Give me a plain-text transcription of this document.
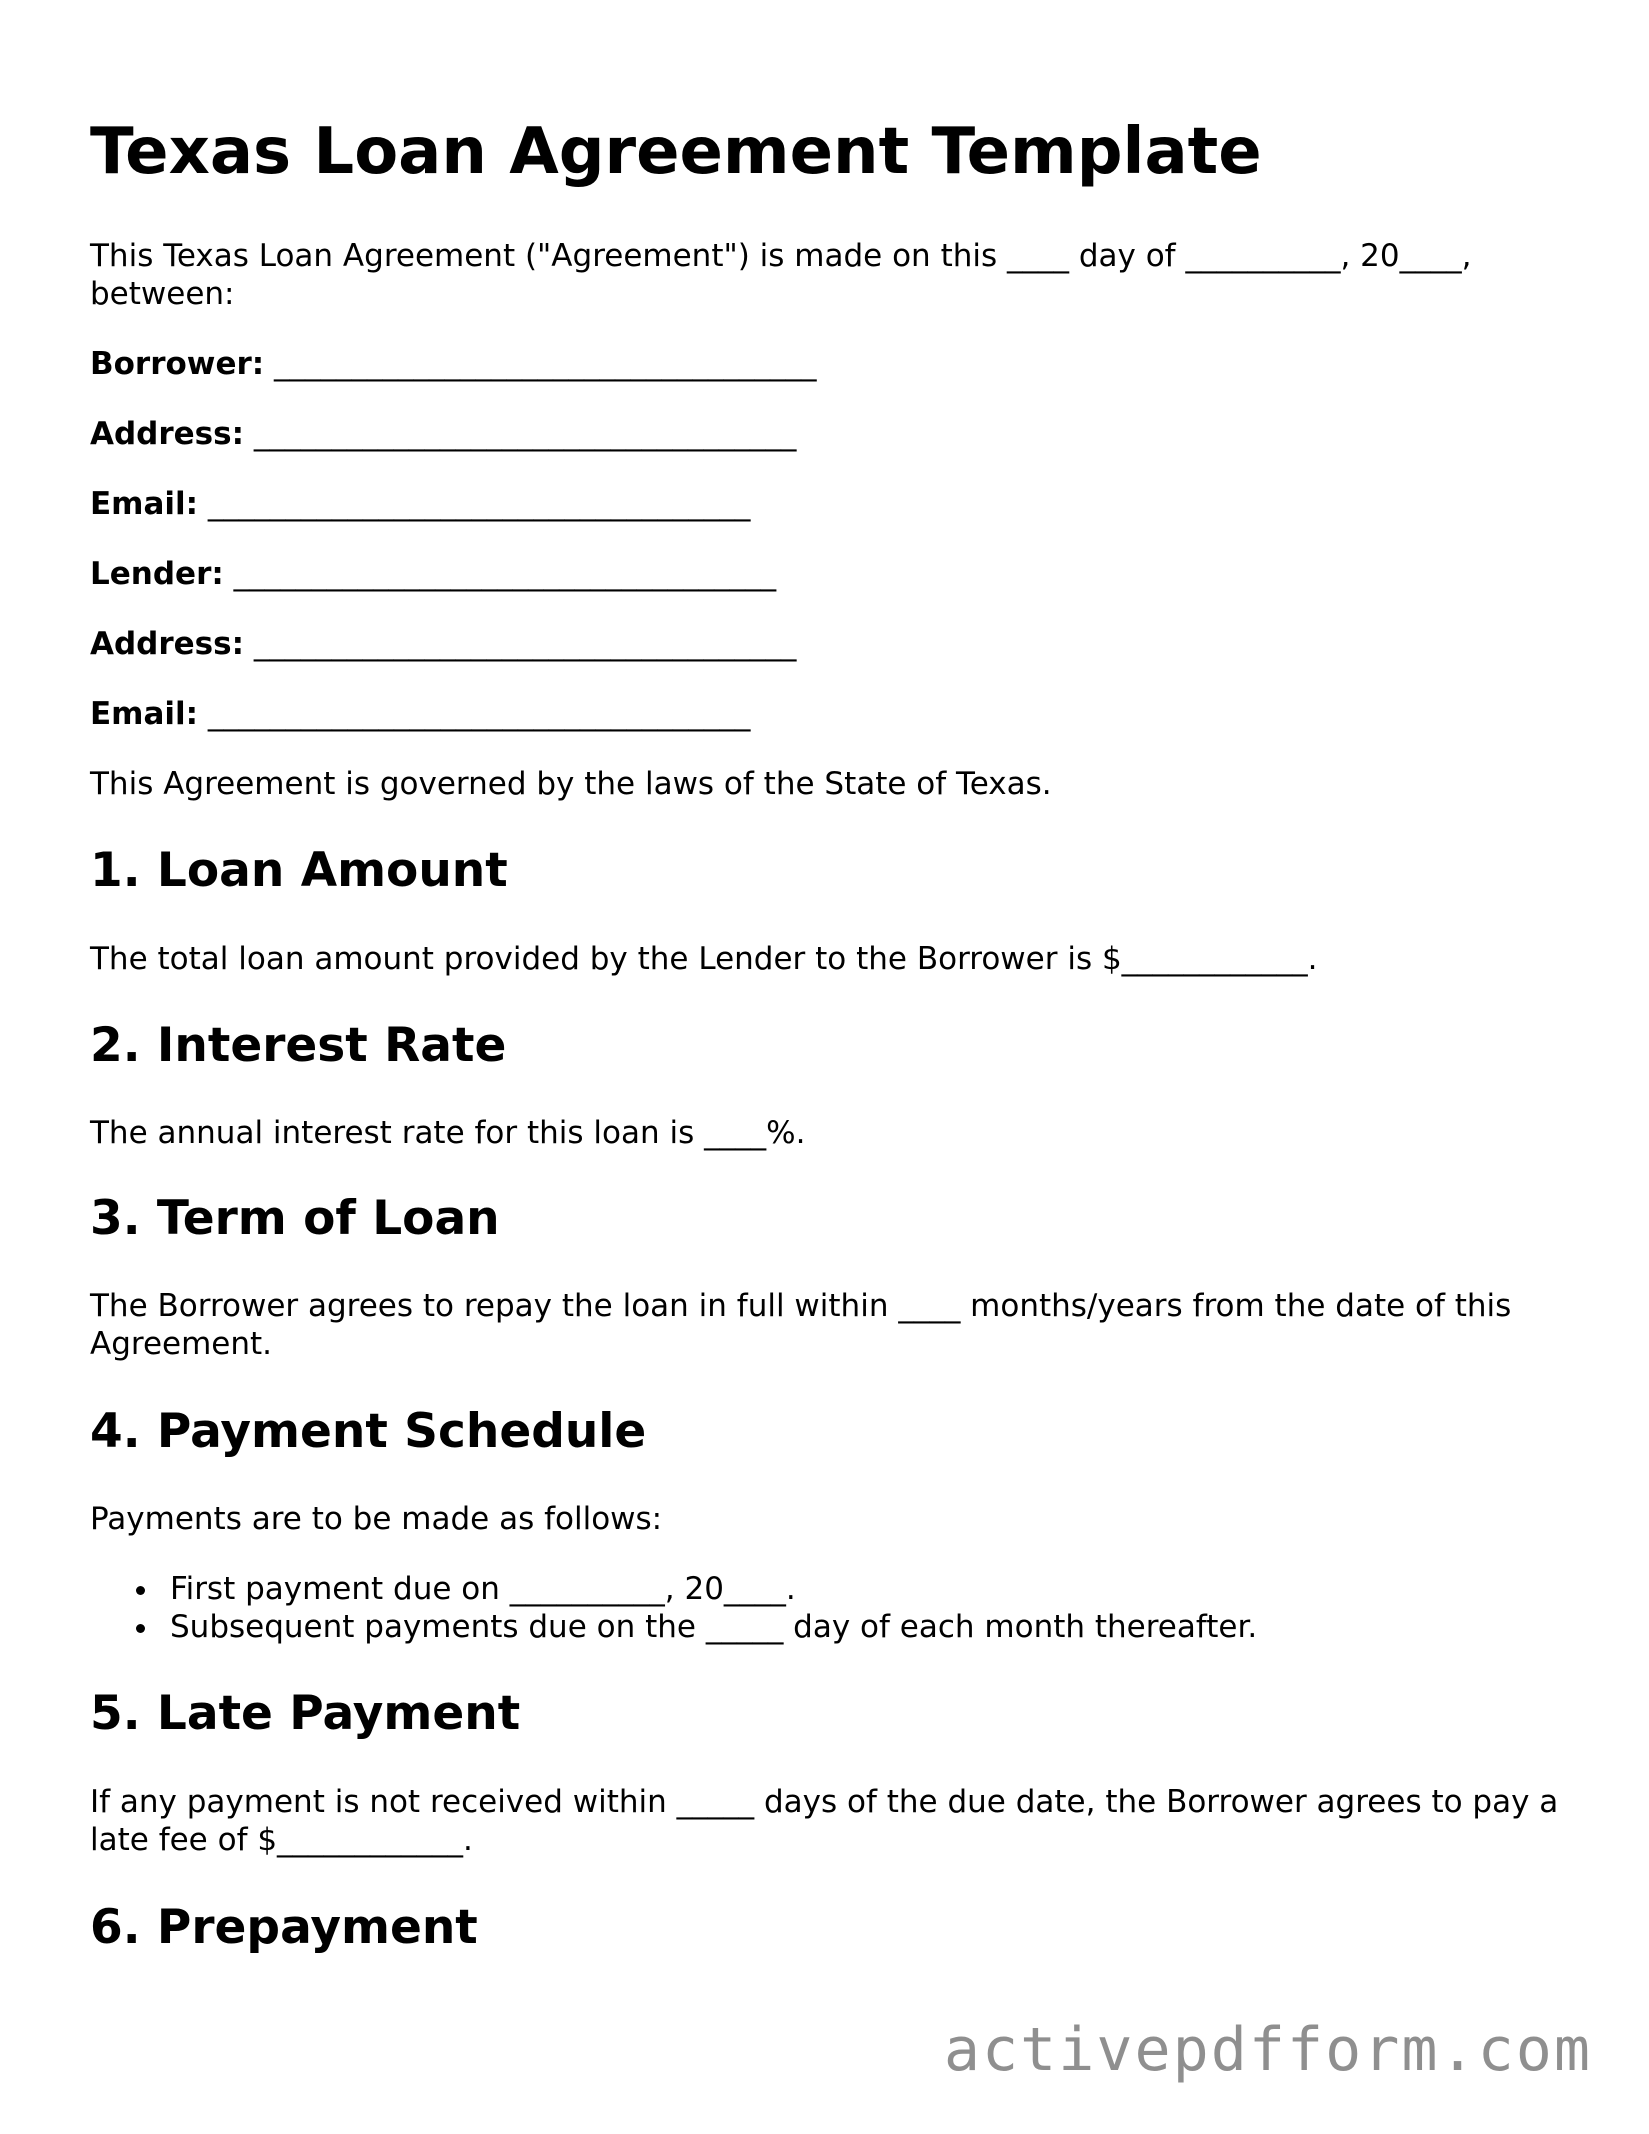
Texas Loan Agreement Template

This Texas Loan Agreement ("Agreement") is made on this ____ day of __________, 20____, between:

Borrower: ___________________________________
Address: ___________________________________
Email: ___________________________________
Lender: ___________________________________
Address: ___________________________________
Email: ___________________________________

This Agreement is governed by the laws of the State of Texas.

1. Loan Amount

The total loan amount provided by the Lender to the Borrower is $____________.

2. Interest Rate

The annual interest rate for this loan is ____%.

3. Term of Loan

The Borrower agrees to repay the loan in full within ____ months/years from the date of this Agreement.

4. Payment Schedule

Payments are to be made as follows:

First payment due on __________, 20____.
Subsequent payments due on the _____ day of each month thereafter.
5. Late Payment

If any payment is not received within _____ days of the due date, the Borrower agrees to pay a late fee of $____________.

6. Prepayment
activepdfform.com
